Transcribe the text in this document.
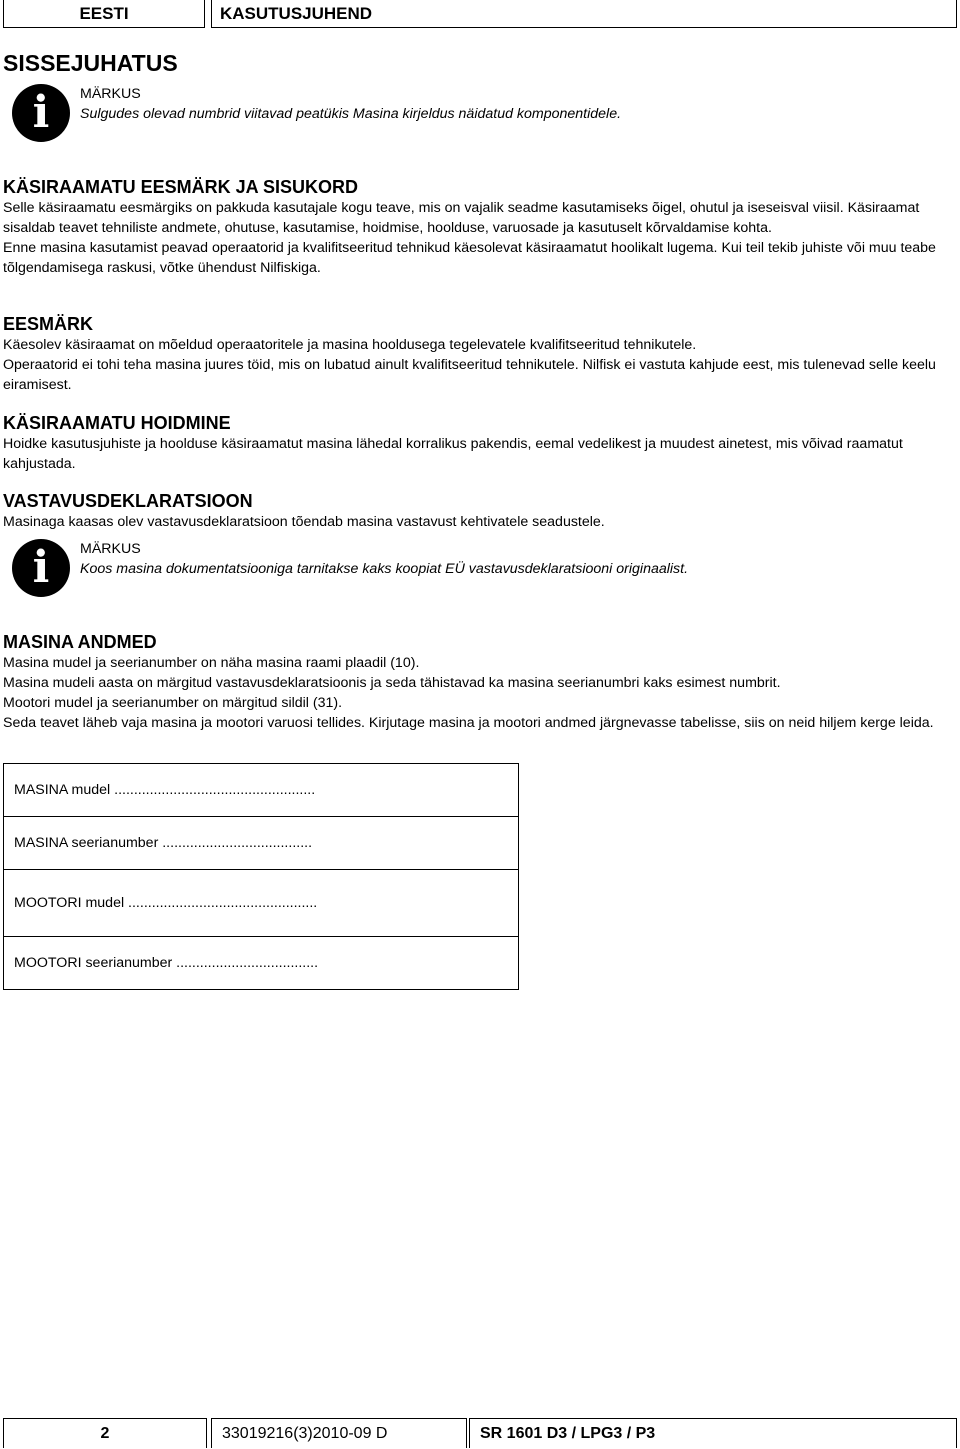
EESTI	KASUTUSJUHEND
SISSEJUHATUS
i	MÄRKUS
Sulgudes olevad numbrid viitavad peatükis Masina kirjeldus näidatud komponentidele.
KÄSIRAAMATU EESMÄRK JA SISUKORD

Selle käsiraamatu eesmärgiks on pakkuda kasutajale kogu teave, mis on vajalik seadme kasutamiseks õigel, ohutul ja iseseisval viisil. Käsiraamat sisaldab teavet tehniliste andmete, ohutuse, kasutamise, hoidmise, hoolduse, varuosade ja kasutuselt kõrvaldamise kohta.

Enne masina kasutamist peavad operaatorid ja kvalifitseeritud tehnikud käesolevat käsiraamatut hoolikalt lugema. Kui teil tekib juhiste või muu teabe tõlgendamisega raskusi, võtke ühendust Nilfiskiga.

EESMÄRK

Käesolev käsiraamat on mõeldud operaatoritele ja masina hooldusega tegelevatele kvalifitseeritud tehnikutele.

Operaatorid ei tohi teha masina juures töid, mis on lubatud ainult kvalifitseeritud tehnikutele. Nilfisk ei vastuta kahjude eest, mis tulenevad selle keelu eiramisest.

KÄSIRAAMATU HOIDMINE

Hoidke kasutusjuhiste ja hoolduse käsiraamatut masina lähedal korralikus pakendis, eemal vedelikest ja muudest ainetest, mis võivad raamatut kahjustada.

VASTAVUSDEKLARATSIOON

Masinaga kaasas olev vastavusdeklaratsioon tõendab masina vastavust kehtivatele seadustele.

i	MÄRKUS
Koos masina dokumentatsiooniga tarnitakse kaks koopiat EÜ vastavusdeklaratsiooni originaalist.
MASINA ANDMED

Masina mudel ja seerianumber on näha masina raami plaadil (10).

Masina mudeli aasta on märgitud vastavusdeklaratsioonis ja seda tähistavad ka masina seerianumbri kaks esimest numbrit.

Mootori mudel ja seerianumber on märgitud sildil (31).

Seda teavet läheb vaja masina ja mootori varuosi tellides. Kirjutage masina ja mootori andmed järgnevasse tabelisse, siis on neid hiljem kerge leida.

MASINA mudel ...................................................
MASINA seerianumber ......................................
MOOTORI mudel ................................................
MOOTORI seerianumber ....................................
2	33019216(3)2010-09 D	SR 1601 D3 / LPG3 / P3
